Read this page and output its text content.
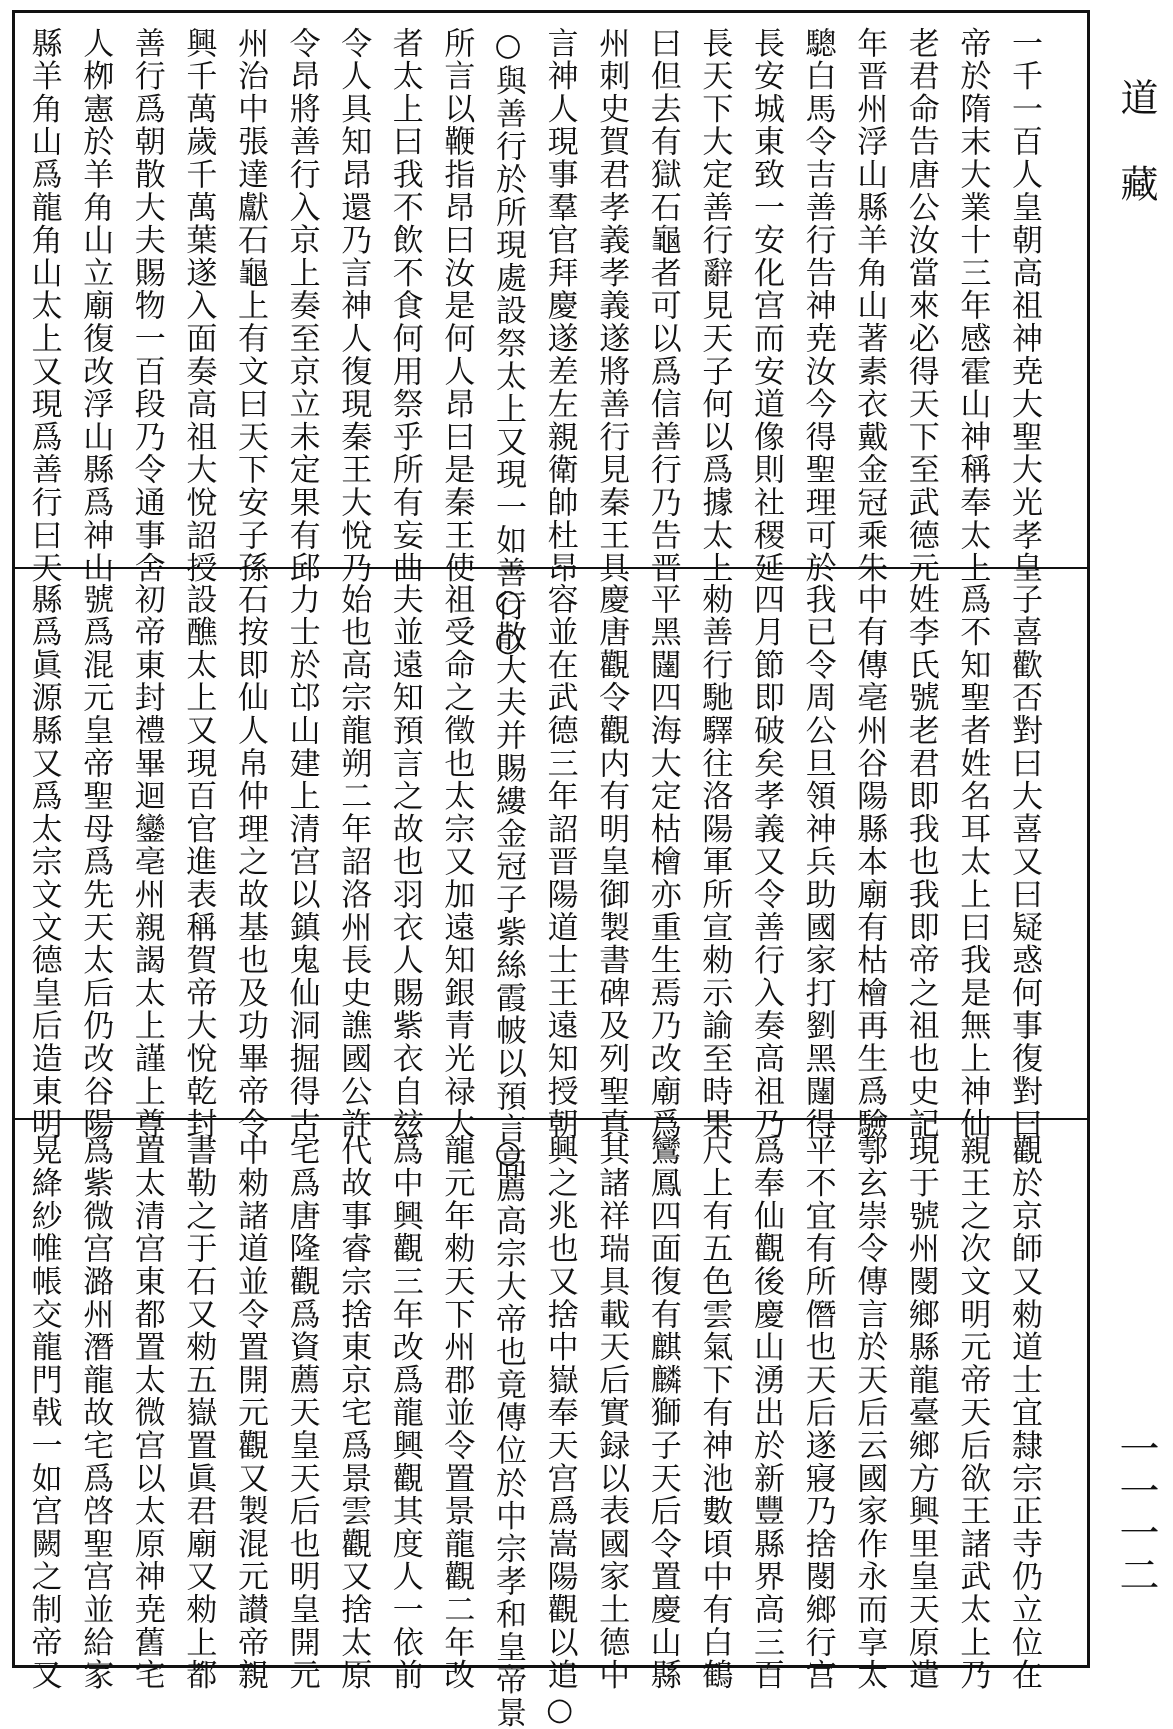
道藏
一千一百人皇朝高祖神尭大聖大光孝皇
帝於隋末大業十三年感霍山神稱奉太上
老君命告唐公汝當來必得天下至武德元
年晋州浮山縣羊角山著素衣戴金冠乘朱
驄白馬令吉善行告神尭汝今得聖理可於
長安城東致一安化宫而安道像則社稷延
長天下大定善行辭見天子何以爲據太上
曰但去有獄石龜者可以爲信善行乃告晋
州刺史賀君孝義孝義遂將善行見秦王具
言神人現事羣官拜慶遂差左親衛帥杜昂
○與善行於所現處設祭太上又現一如善行○
所言以鞭指昂曰汝是何人昂曰是秦王使
者太上曰我不飲不食何用祭乎所有妄曲
令人具知昂還乃言神人復現秦王大悅乃
令昂將善行入京上奏至京立未定果有邱
州治中張達獻石龜上有文曰天下安子孫
興千萬歲千萬葉遂入面奏高祖大悅詔授
善行爲朝散大夫賜物一百段乃令通事舍
人栁憲於羊角山立廟復改浮山縣爲神山
縣羊角山爲龍角山太上又現爲善行曰天
子喜歡否對曰大喜又曰疑惑何事復對曰
爲不知聖者姓名耳太上曰我是無上神仙
姓李氏號老君即我也我即帝之祖也史記
中有傳亳州谷陽縣本廟有枯檜再生爲驗
我已令周公旦領神兵助國家打劉黑闥得
四月節即破矣孝義又令善行入奏高祖乃
勑善行馳驛往洛陽軍所宣勑示諭至時果
平黑闥四海大定枯檜亦重生焉乃改廟爲
慶唐觀令觀内有明皇御製書碑及列聖真
容並在武德三年詔晋陽道士王遠知授朝
○散大夫并賜縷金冠子紫絲霞帔以預言高
祖受命之徵也太宗又加遠知銀青光禄大
夫並遠知預言之故也羽衣人賜紫衣自玆
始也高宗龍朔二年詔洛州長史譙國公許
力士於邙山建上清宫以鎮鬼仙洞掘得古
石按即仙人帛仲理之故基也及功畢帝令
設醮太上又現百官進表稱賀帝大悅乾封
初帝東封禮畢迴鑾亳州親謁太上謹上尊
號爲混元皇帝聖母爲先天太后仍改谷陽
縣爲眞源縣又爲太宗文文德皇后造東明
觀於京師又勑道士宜隸宗正寺仍立位在
親王之次文明元帝天后欲王諸武太上乃
現于號州閿鄉縣龍臺鄉方興里皇天原遣
鄠玄崇令傳言於天后云國家作永而享太
平不宜有所僭也天后遂寢乃捨閿鄉行宫
爲奉仙觀後慶山湧出於新豐縣界高三百
尺上有五色雲氣下有神池數頃中有白鶴
鸞鳳四面復有麒麟獅子天后令置慶山縣
其諸祥瑞具載天后實録以表國家土德中
興之兆也又捨中嶽奉天宫爲嵩陽觀以追○
○薦高宗大帝也竟傳位於中宗孝和皇帝景
龍元年勑天下州郡並令置景龍觀二年改
爲中興觀三年改爲龍興觀其度人一依前
代故事睿宗捨東京宅爲景雲觀又捨太原
宅爲唐隆觀爲資薦天皇天后也明皇開元
中勑諸道並令置開元觀又製混元讃帝親
書勒之于石又勑五嶽置眞君廟又勑上都
置太清宫東都置太微宫以太原神尭舊宅
爲紫微宫潞州潛龍故宅爲啓聖宫並給家
晃絳紗帷帳交龍門戟一如宫闕之制帝又	一一一二
